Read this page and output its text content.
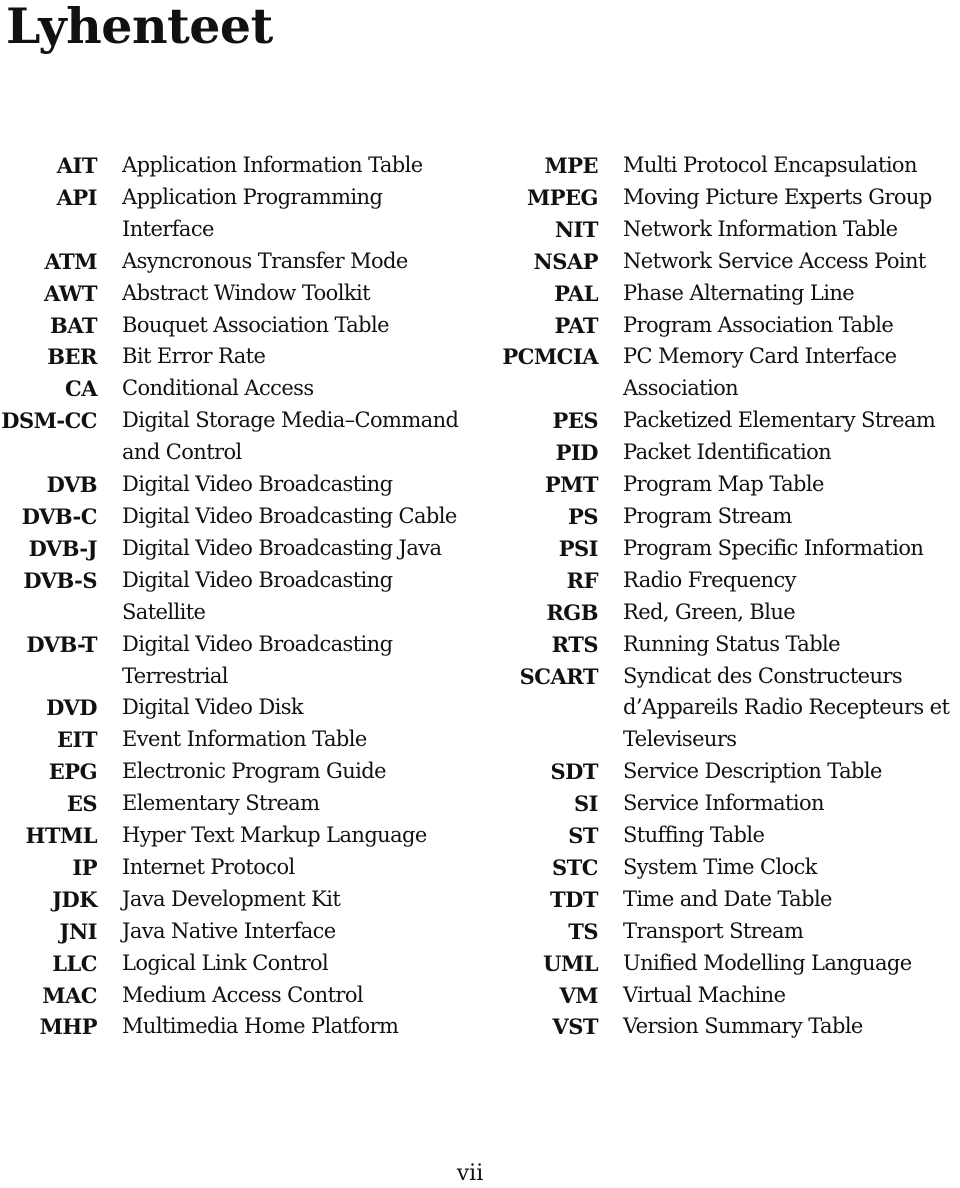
Lyhenteet
AIT Application Information Table
API Application Programming
Interface
ATM Asyncronous Transfer Mode
AWT Abstract Window Toolkit
BAT Bouquet Association Table
BER Bit Error Rate
CA Conditional Access
DSM-CC Digital Storage Media–Command
and Control
DVB Digital Video Broadcasting
DVB-C Digital Video Broadcasting Cable
DVB-J Digital Video Broadcasting Java
DVB-S Digital Video Broadcasting
Satellite
DVB-T Digital Video Broadcasting
Terrestrial
DVD Digital Video Disk
EIT Event Information Table
EPG Electronic Program Guide
ES Elementary Stream
HTML Hyper Text Markup Language
IP Internet Protocol
JDK Java Development Kit
JNI Java Native Interface
LLC Logical Link Control
MAC Medium Access Control
MHP Multimedia Home Platform
MPE Multi Protocol Encapsulation
MPEG Moving Picture Experts Group
NIT Network Information Table
NSAP Network Service Access Point
PAL Phase Alternating Line
PAT Program Association Table
PCMCIA PC Memory Card Interface
Association
PES Packetized Elementary Stream
PID Packet Identification
PMT Program Map Table
PS Program Stream
PSI Program Specific Information
RF Radio Frequency
RGB Red, Green, Blue
RTS Running Status Table
SCART Syndicat des Constructeurs
d’Appareils Radio Recepteurs et
Televiseurs
SDT Service Description Table
SI Service Information
ST Stuffing Table
STC System Time Clock
TDT Time and Date Table
TS Transport Stream
UML Unified Modelling Language
VM Virtual Machine
VST Version Summary Table
vii
